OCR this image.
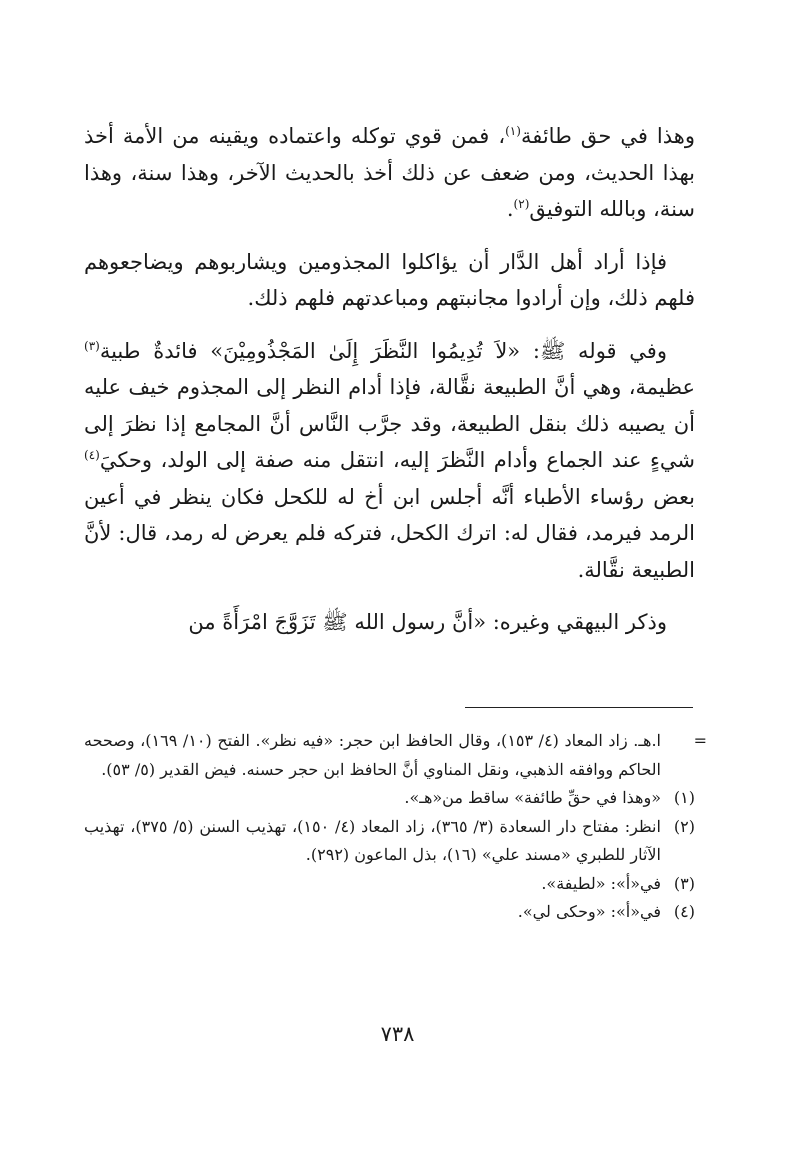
وهذا في حق طائفة$^{(١)}$، فمن قوي توكله واعتماده ويقينه من الأمة أخذ بهذا الحديث، ومن ضعف عن ذلك أخذ بالحديث الآخر، وهذا سنة، وهذا سنة، وبالله التوفيق$^{(٢)}$.

فإذا أراد أهل الدَّار أن يؤاكلوا المجذومين ويشاربوهم ويضاجعوهم فلهم ذلك، وإن أرادوا مجانبتهم ومباعدتهم فلهم ذلك.

وفي قوله ﷺ: «لاَ تُدِيمُوا النَّظَرَ إِلَىٰ المَجْذُومِيْنَ» فائدةٌ طبية$^{(٣)}$ عظيمة، وهي أنَّ الطبيعة نقَّالة، فإذا أدام النظر إلى المجذوم خيف عليه أن يصيبه ذلك بنقل الطبيعة، وقد جرَّب النَّاس أنَّ المجامع إذا نظرَ إلى شيءٍ عند الجماع وأدام النَّظرَ إليه، انتقل منه صفة إلى الولد، وحكيَ$^{(٤)}$ بعض رؤساء الأطباء أنَّه أجلس ابن أخ له للكحل فكان ينظر في أعين الرمد فيرمد، فقال له: اترك الكحل، فتركه فلم يعرض له رمد، قال: لأنَّ الطبيعة نقَّالة.

وذكر البيهقي وغيره: «أنَّ رسول الله ﷺ تَزَوَّجَ امْرَأَةً من

=
ا.هـ. زاد المعاد (٤/ ١٥٣)، وقال الحافظ ابن حجر: «فيه نظر». الفتح (١٠/ ١٦٩)، وصححه الحاكم ووافقه الذهبي، ونقل المناوي أنَّ الحافظ ابن حجر حسنه. فيض القدير (٥/ ٥٣).

(١)
«وهذا في حقِّ طائفة» ساقط من«هـ».

(٢)
انظر: مفتاح دار السعادة (٣/ ٣٦٥)، زاد المعاد (٤/ ١٥٠)، تهذيب السنن (٥/ ٣٧٥)، تهذيب الآثار للطبري «مسند علي» (١٦)، بذل الماعون (٢٩٢).

(٣)
في«أ»: «لطيفة».

(٤)
في«أ»: «وحكى لي».

٧٣٨
